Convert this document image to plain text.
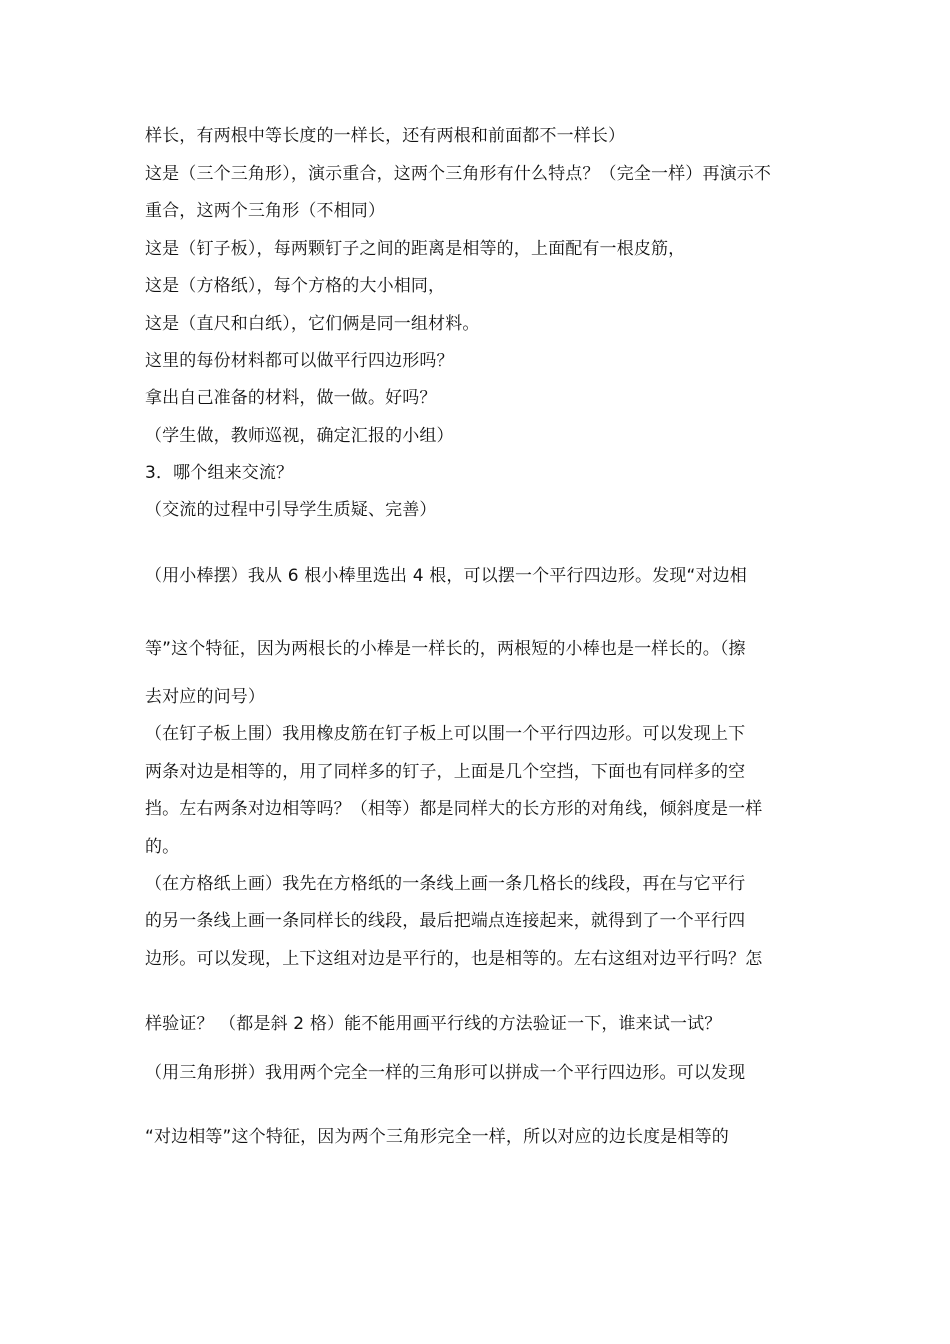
样长，有两根中等长度的一样长，还有两根和前面都不一样长）
这是（三个三角形），演示重合，这两个三角形有什么特点？（完全一样）再演示不
重合，这两个三角形（不相同）
这是（钉子板），每两颗钉子之间的距离是相等的，上面配有一根皮筋，
这是（方格纸），每个方格的大小相同，
这是（直尺和白纸），它们俩是同一组材料。
这里的每份材料都可以做平行四边形吗？
拿出自己准备的材料，做一做。好吗？
（学生做，教师巡视，确定汇报的小组）
3．哪个组来交流？
（交流的过程中引导学生质疑、完善）
（用小棒摆）我从 6 根小棒里选出 4 根，可以摆一个平行四边形。发现“对边相
等”这个特征，因为两根长的小棒是一样长的，两根短的小棒也是一样长的。（擦
去对应的问号）
（在钉子板上围）我用橡皮筋在钉子板上可以围一个平行四边形。可以发现上下
两条对边是相等的，用了同样多的钉子，上面是几个空挡，下面也有同样多的空
挡。左右两条对边相等吗？（相等）都是同样大的长方形的对角线，倾斜度是一样
的。
（在方格纸上画）我先在方格纸的一条线上画一条几格长的线段，再在与它平行
的另一条线上画一条同样长的线段，最后把端点连接起来，就得到了一个平行四
边形。可以发现，上下这组对边是平行的，也是相等的。左右这组对边平行吗？怎
样验证？ （都是斜 2 格）能不能用画平行线的方法验证一下，谁来试一试？
（用三角形拼）我用两个完全一样的三角形可以拼成一个平行四边形。可以发现
“对边相等”这个特征，因为两个三角形完全一样，所以对应的边长度是相等的
